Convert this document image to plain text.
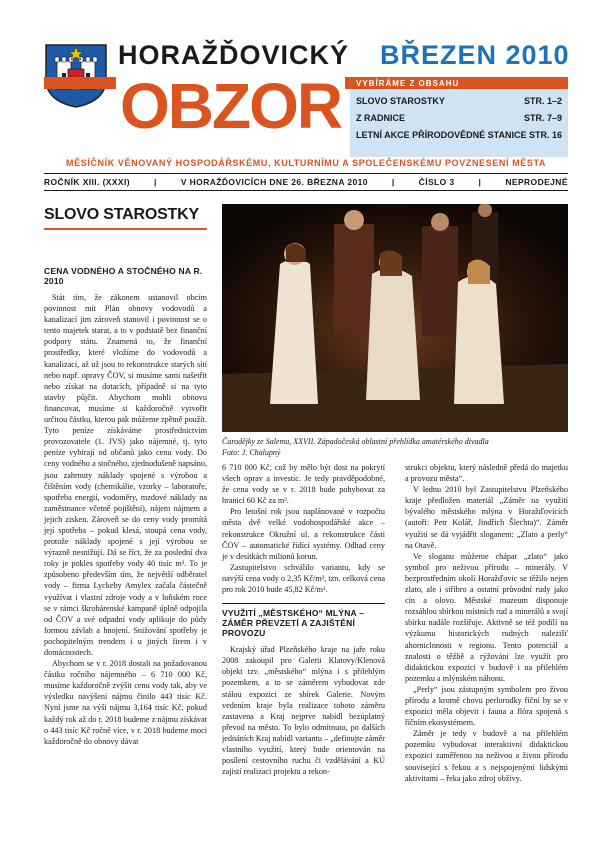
HORAŽĎOVICKÝ
OBZOR
BŘEZEN 2010
VYBÍRÁME Z OBSAHU
SLOVO STAROSTKY	STR. 1–2
Z RADNICE	STR. 7–9
LETNÍ AKCE PŘÍRODOVĚDNÉ STANICE STR. 16
MĚSÍČNÍK VĚNOVANÝ HOSPODÁŘSKÉMU, KULTURNÍMU A SPOLEČENSKÉMU POVZNESENÍ MĚSTA
ROČNÍK XIII. (XXXI)	|	V HORAŽĎOVICÍCH DNE 26. BŘEZNA 2010	|	ČÍSLO 3	|	NEPRODEJNÉ
SLOVO STAROSTKY
Čarodějky ze Salemu, XXVII. Západočeská oblastní přehlídka amatérského divadla
Foto: J. Chalupný
CENA VODNÉHO A STOČNÉHO NA R. 2010

Stát tím, že zákonem ustanovil obcím povinnost mít Plán obnovy vodovodů a kanalizací jim zároveň stanovil i povinnost se o tento majetek starat, a to v podstatě bez finanční podpory státu. Znamená to, že finanční prostředky, které vložíme do vodovodů a kanalizací, až už jsou to rekonstrukce starých sítí nebo např. opravy ČOV, si musíme sami našetřit nebo získat na dotacích, případně si na tyto stavby půjčit. Abychom mohli obnovu financovat, musíme si každoročně vytvořit určitou částku, kterou pak můžeme zpětně použít. Tyto peníze získáváme prostřednictvím provozovatele (1. JVS) jako nájemné, tj. tyto peníze vybírají od občanů jako cenu vody. Do ceny vodného a stočného, zjednodušeně napsáno, jsou zahrnuty náklady spojené s výrobou a čištěním vody (chemikálie, vzorky – laboratoře, spotřeba energií, vodoměry, mzdové náklady na zaměstnance včetně pojištění), nájem nájmem a jejich zisken. Zároveň se do ceny vody promítá její spotřeba – pokud klesá, stoupá cena vody, protože náklady spojené s její výrobou se výrazně nesnižují. Dá se říct, že za poslední dva roky je pokles spotřeby vody 40 tisíc m³. To je způsobeno především tím, že největší odběratel vody – firma Lyckeby Amylex začala částečně využívat i vlastní zdroje vody a v loňském roce se v rámci škrobárenské kampaně úplně odpojila od ČOV a své odpadní vody aplikuje do půdy formou závlah a hnojení. Snižování spotřeby je pochopitelným trendem i u jiných firem i v domácnostech.

Abychom se v r. 2018 dostali na požadovanou částku ročního nájemného – 6 710 000 Kč, musíme každoročně zvýšit cenu vody tak, aby ve výsledku navýšení nájmu činilo 443 tisíc Kč. Nyní jsme na výši nájmu 3,164 tisíc Kč, pokud každý rok až do r. 2018 budeme z nájmu získávat o 443 tisíc Kč ročně více, v r. 2018 budeme moci každoročně do obnovy dávat

6 710 000 Kč, což by mělo být dost na pokrytí všech oprav a investic. Je tedy pravděpodobné, že cena vody se v r. 2018 bude pohybovat za hranicí 60 Kč za m³.

Pro letošní rok jsou naplánované v rozpočtu města dvě velké vodohospodářské akce – rekonstrukce Okružní ul. a rekonstrukce části ČOV – automatické řídící systémy. Odhad ceny je v desítkách milionů korun.

Zastupitelstvo schválilo variantu, kdy se navýší cena vody o 2,35 Kč/m³, tzn. celková cena pro rok 2010 bude 45,82 Kč/m³.

VYUŽITÍ „MĚSTSKÉHO“ MLÝNA – ZÁMĚR PŘEVZETÍ A ZAJIŠTĚNÍ PROVOZU

Krajský úřad Plzeňského kraje na jaře roku 2008 zakoupil pro Galerii Klatovy/Klenová objekt tzv. „městského“ mlýna i s přilehlým pozemkem, a to se záměrem vybudovat zde stálou expozici ze sbírek Galerie. Novým vedením kraje byla realizace tohoto záměru zastavena a Kraj nejprve nabídl bezúplatný převod na město. To bylo odmítnuto, po dalších jednáních Kraj nabídl variantu – „definujte záměr vlastního využití, který bude orientován na posílení cestovního ruchu či vzdělávání a KÚ zajistí realizaci projektu a rekon-

strukci objektu, který následně předá do majetku a provozu města“.

V lednu 2010 byl Zastupitelstvu Plzeňského kraje předložen materiál „Záměr na využití bývalého městského mlýna v Horažďovicích (autoři: Petr Kolář, Jindřich Šlechta)“. Záměr využití se dá vyjádřit sloganem: „Zlato a perly“ na Otavě.

Ve sloganu můžeme chápat „zlato“ jako symbol pro neživou přírodu – minerály. V bezprostředním okolí Horažďovic se těžilo nejen zlato, ale i stříbro a ostatní průvodní rudy jako cín a olovo. Městské muzeum disponuje rozsáhlou sbírkou místních rud a minerálů a svojí sbírku nadále rozšiřuje. Aktivně se též podílí na výzkumu historických rudných nalezišť ahorniclnnosti v regionu. Tento potenciál a znalosti o těžbě a rýžování lze využít pro didaktickou expozici v budově i na přilehlém pozemku a mlýnském náhonu.

„Perly“ jsou zástupným symbolem pro živou přírodu a kromě chovu perlorodky říční by se v expozici měla objevit i fauna a flóra spojená s říčním ekosystémem.

Záměr je tedy v budově a na přilehlém pozemku vybudovat interaktivní didaktickou expozici zaměřenou na neživou a živou přírodu související s řekou a s nejspojenými lidskými aktivitami – řeka jako zdroj obživy.
